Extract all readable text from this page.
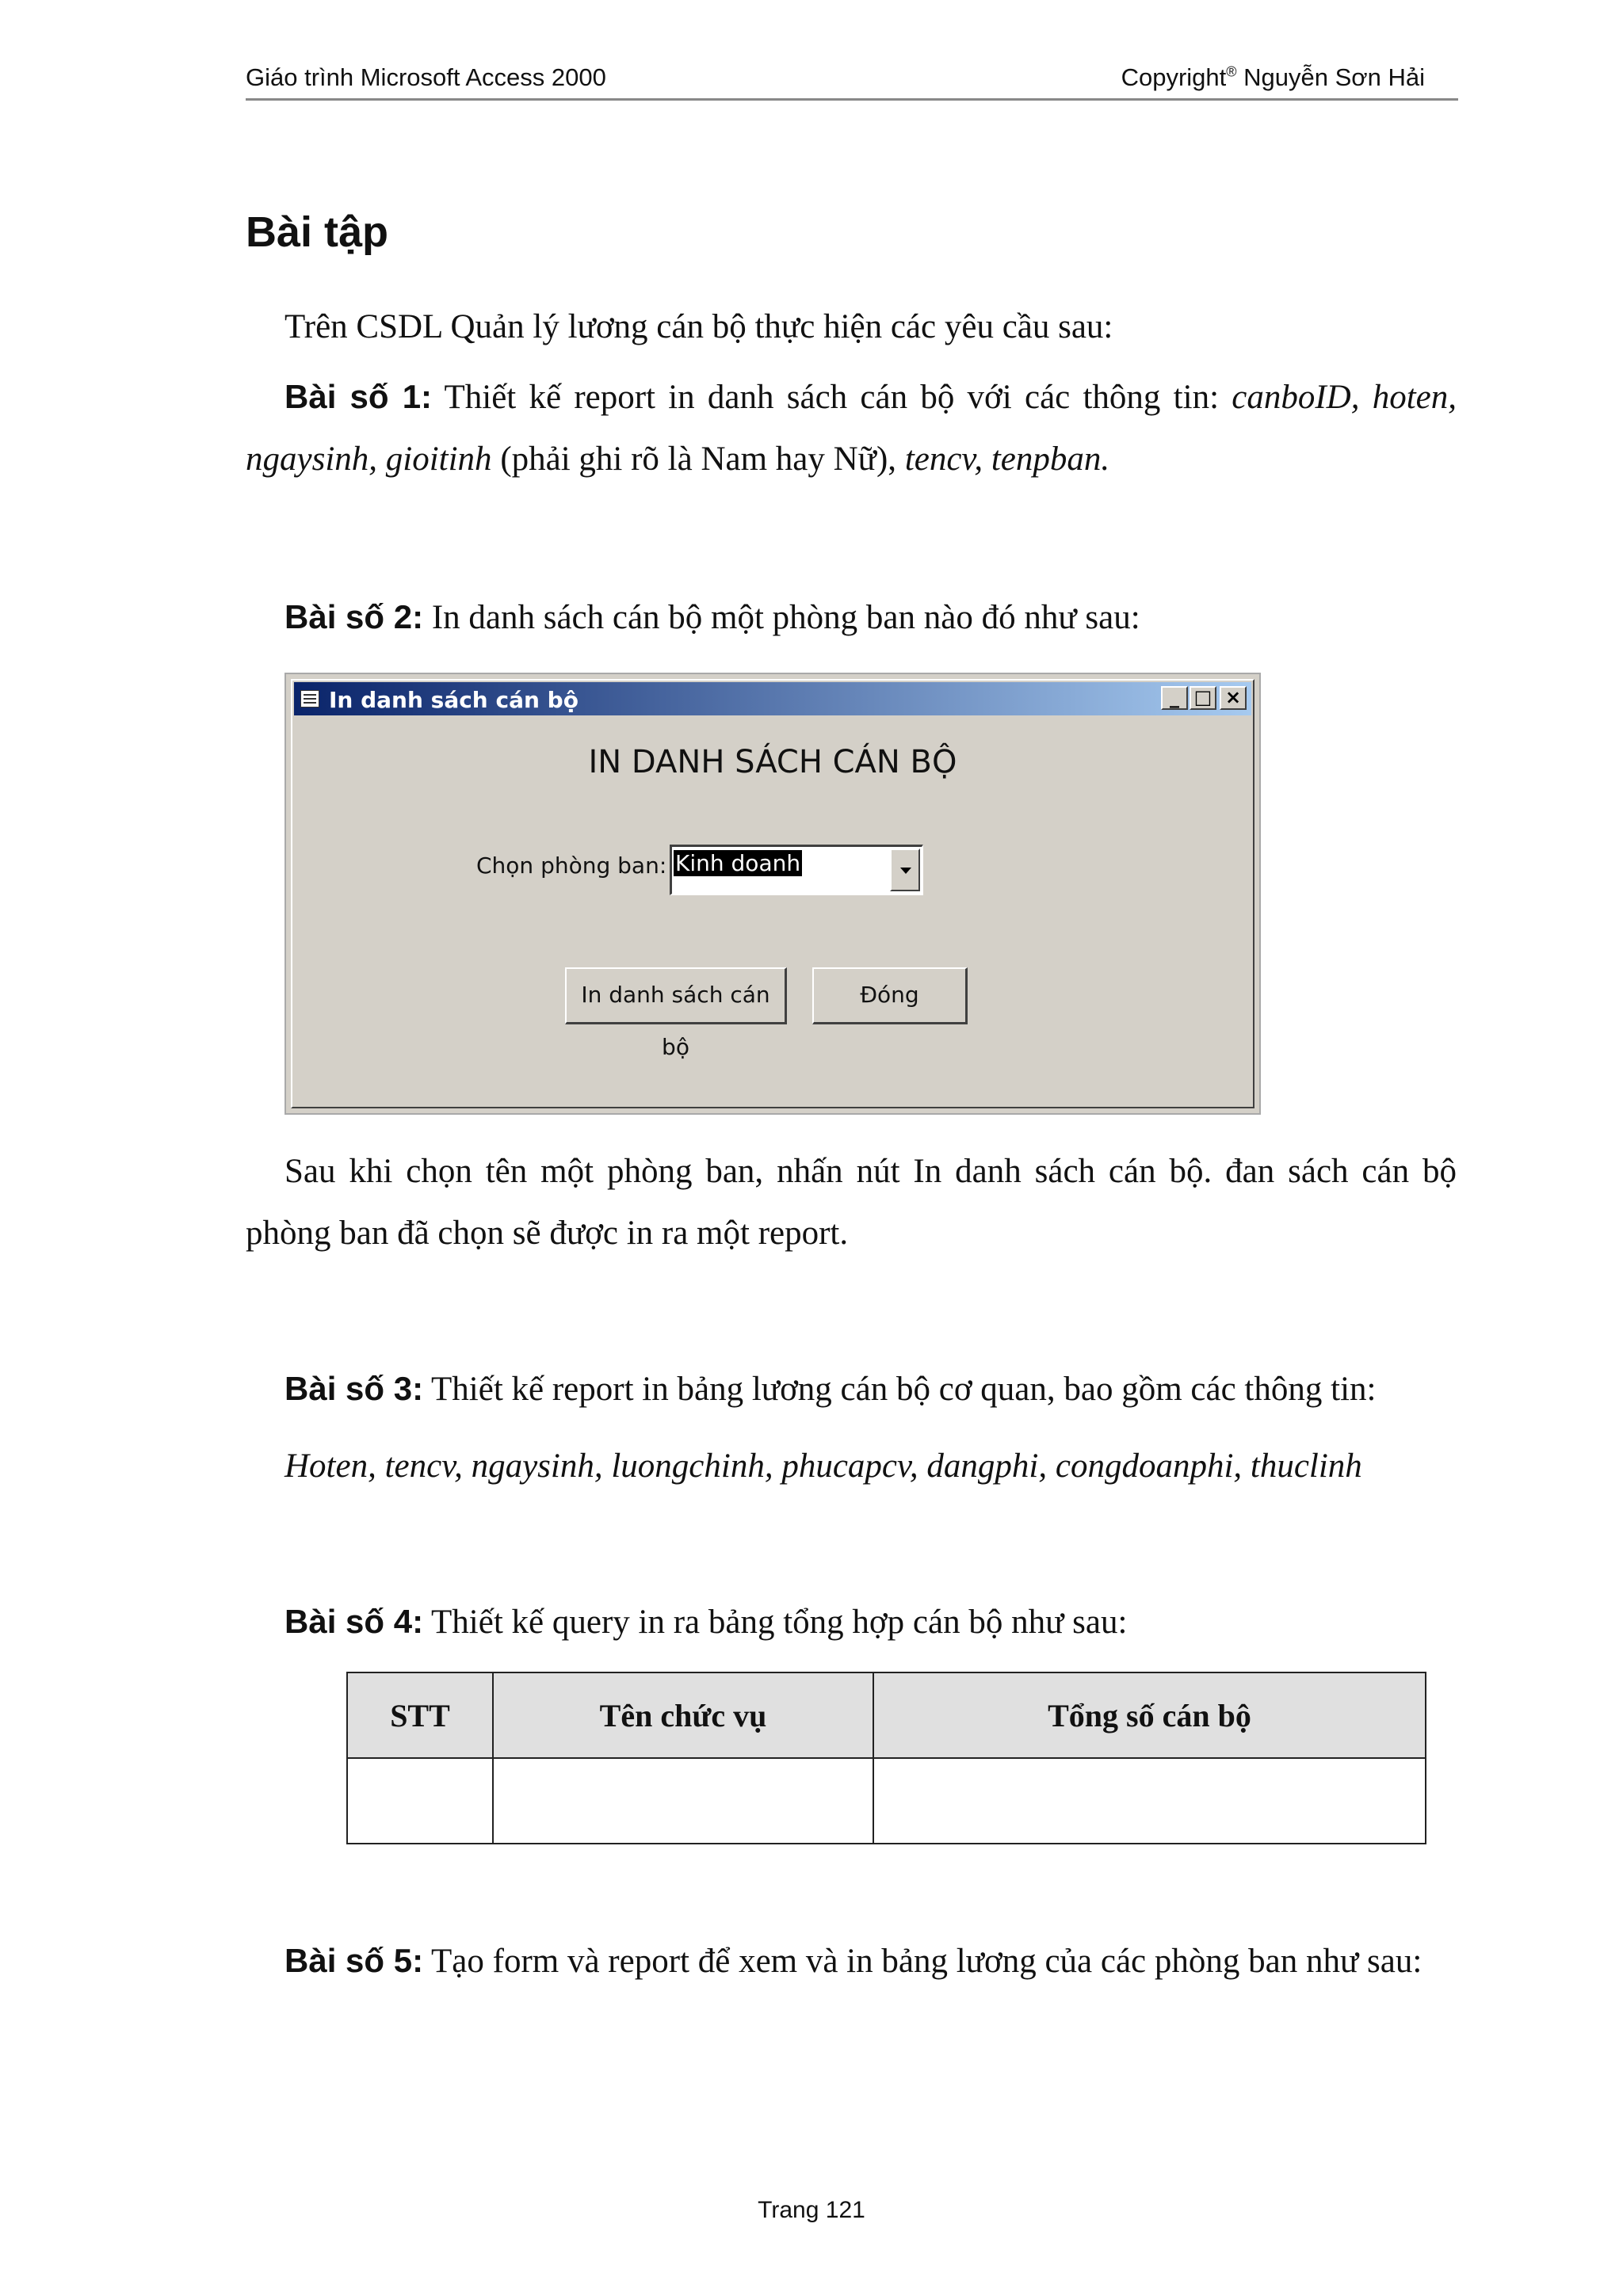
Giáo trình Microsoft Access 2000	Copyright® Nguyễn Sơn Hải
Bài tập

Trên CSDL Quản lý lương cán bộ thực hiện các yêu cầu sau:

Bài số 1: Thiết kế report in danh sách cán bộ với các thông tin: canboID, hoten, ngaysinh, gioitinh (phải ghi rõ là Nam hay Nữ), tencv, tenpban.

Bài số 2: In danh sách cán bộ một phòng ban nào đó như sau:

In danh sách cán bộ	_ □ ×
IN DANH SÁCH CÁN BỘ
Chọn phòng ban: Kinh doanh
In danh sách cán bộ
Đóng

Sau khi chọn tên một phòng ban, nhấn nút In danh sách cán bộ. đan sách cán bộ phòng ban đã chọn sẽ được in ra một report.

Bài số 3: Thiết kế report in bảng lương cán bộ cơ quan, bao gồm các thông tin:

Hoten, tencv, ngaysinh, luongchinh, phucapcv, dangphi, congdoanphi, thuclinh

Bài số 4: Thiết kế query in ra bảng tổng hợp cán bộ như sau:

STT	Tên chức vụ	Tổng số cán bộ

Bài số 5: Tạo form và report để xem và in bảng lương của các phòng ban như sau:

Trang 121
